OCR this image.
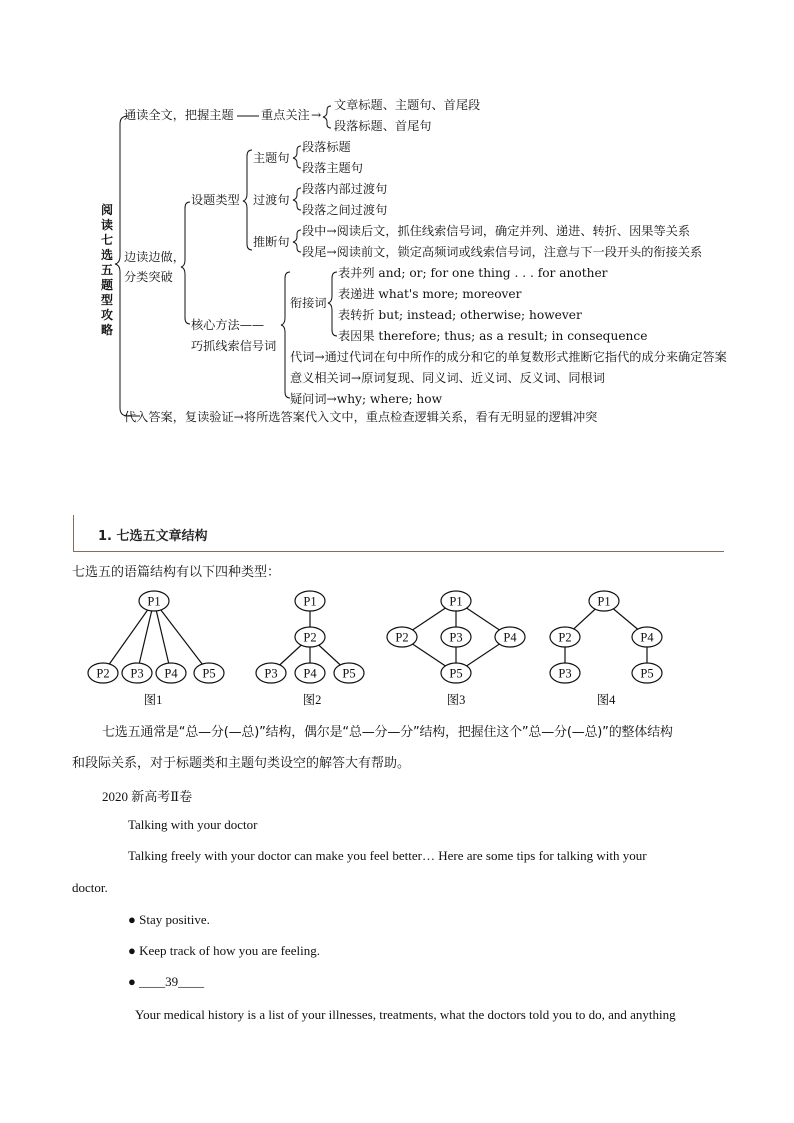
阅读七选五题型攻略
通读全文，把握主题 重点关注 →
文章标题、主题句、首尾段
段落标题、首尾句
边读边做，
分类突破
设题类型
主题句
段落标题
段落主题句
过渡句
段落内部过渡句
段落之间过渡句
推断句
段中→阅读后文，抓住线索信号词，确定并列、递进、转折、因果等关系
段尾→阅读前文，锁定高频词或线索信号词，注意与下一段开头的衔接关系
核心方法——
巧抓线索信号词
衔接词
表并列 and; or; for one thing . . . for another
表递进 what's more; moreover
表转折 but; instead; otherwise; however
表因果 therefore; thus; as a result; in consequence
代词→通过代词在句中所作的成分和它的单复数形式推断它指代的成分来确定答案
意义相关词→原词复现、同义词、近义词、反义词、同根词
疑问词→why; where; how
代入答案，复读验证→将所选答案代入文中，重点检查逻辑关系，看有无明显的逻辑冲突
1. 七选五文章结构
七选五的语篇结构有以下四种类型：
P1
P2 P3 P4 P5
P1
P2
P3 P4 P5
P1
P2	P3	P4
P5
P1
P2	P4
P3	P5
图1	图2	图3	图4
七选五通常是“总—分(—总)”结构，偶尔是“总—分—分”结构，把握住这个”总—分(—总)”的整体结构
和段际关系，对于标题类和主题句类设空的解答大有帮助。
2020 新高考Ⅱ卷
Talking with your doctor
Talking freely with your doctor can make you feel better… Here are some tips for talking with your
doctor.
● Stay positive.
● Keep track of how you are feeling.
● ____39____
Your medical history is a list of your illnesses, treatments, what the doctors told you to do, and anything
